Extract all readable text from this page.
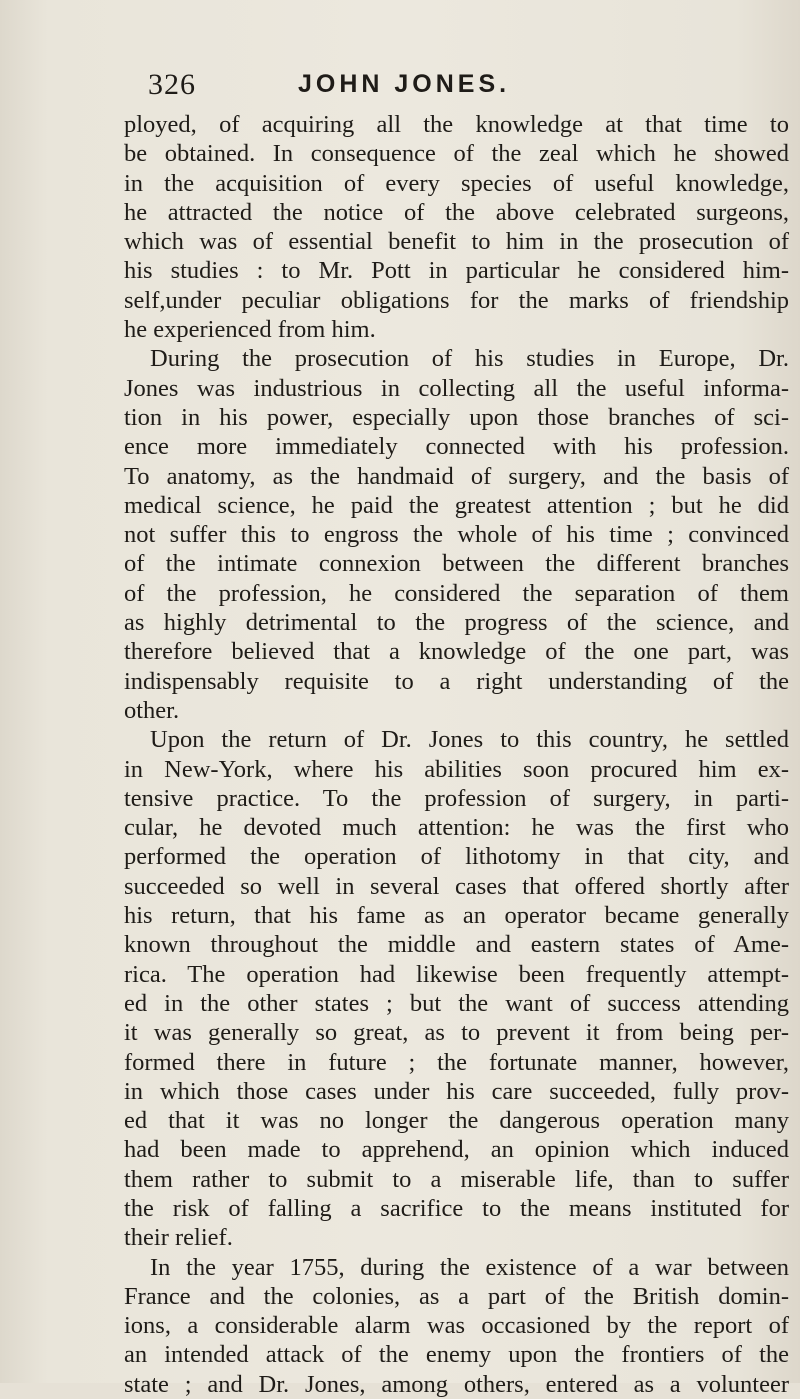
326	JOHN JONES.
ployed, of acquiring all the knowledge at that time to
be obtained. In consequence of the zeal which he showed
in the acquisition of every species of useful knowledge,
he attracted the notice of the above celebrated surgeons,
which was of essential benefit to him in the prosecution of
his studies : to Mr. Pott in particular he considered him-
self,under peculiar obligations for the marks of friendship
he experienced from him.
During the prosecution of his studies in Europe, Dr.
Jones was industrious in collecting all the useful informa-
tion in his power, especially upon those branches of sci-
ence more immediately connected with his profession.
To anatomy, as the handmaid of surgery, and the basis of
medical science, he paid the greatest attention ; but he did
not suffer this to engross the whole of his time ; convinced
of the intimate connexion between the different branches
of the profession, he considered the separation of them
as highly detrimental to the progress of the science, and
therefore believed that a knowledge of the one part, was
indispensably requisite to a right understanding of the
other.
Upon the return of Dr. Jones to this country, he settled
in New-York, where his abilities soon procured him ex-
tensive practice. To the profession of surgery, in parti-
cular, he devoted much attention: he was the first who
performed the operation of lithotomy in that city, and
succeeded so well in several cases that offered shortly after
his return, that his fame as an operator became generally
known throughout the middle and eastern states of Ame-
rica. The operation had likewise been frequently attempt-
ed in the other states ; but the want of success attending
it was generally so great, as to prevent it from being per-
formed there in future ; the fortunate manner, however,
in which those cases under his care succeeded, fully prov-
ed that it was no longer the dangerous operation many
had been made to apprehend, an opinion which induced
them rather to submit to a miserable life, than to suffer
the risk of falling a sacrifice to the means instituted for
their relief.
In the year 1755, during the existence of a war between
France and the colonies, as a part of the British domin-
ions, a considerable alarm was occasioned by the report of
an intended attack of the enemy upon the frontiers of the
state ; and Dr. Jones, among others, entered as a volunteer
